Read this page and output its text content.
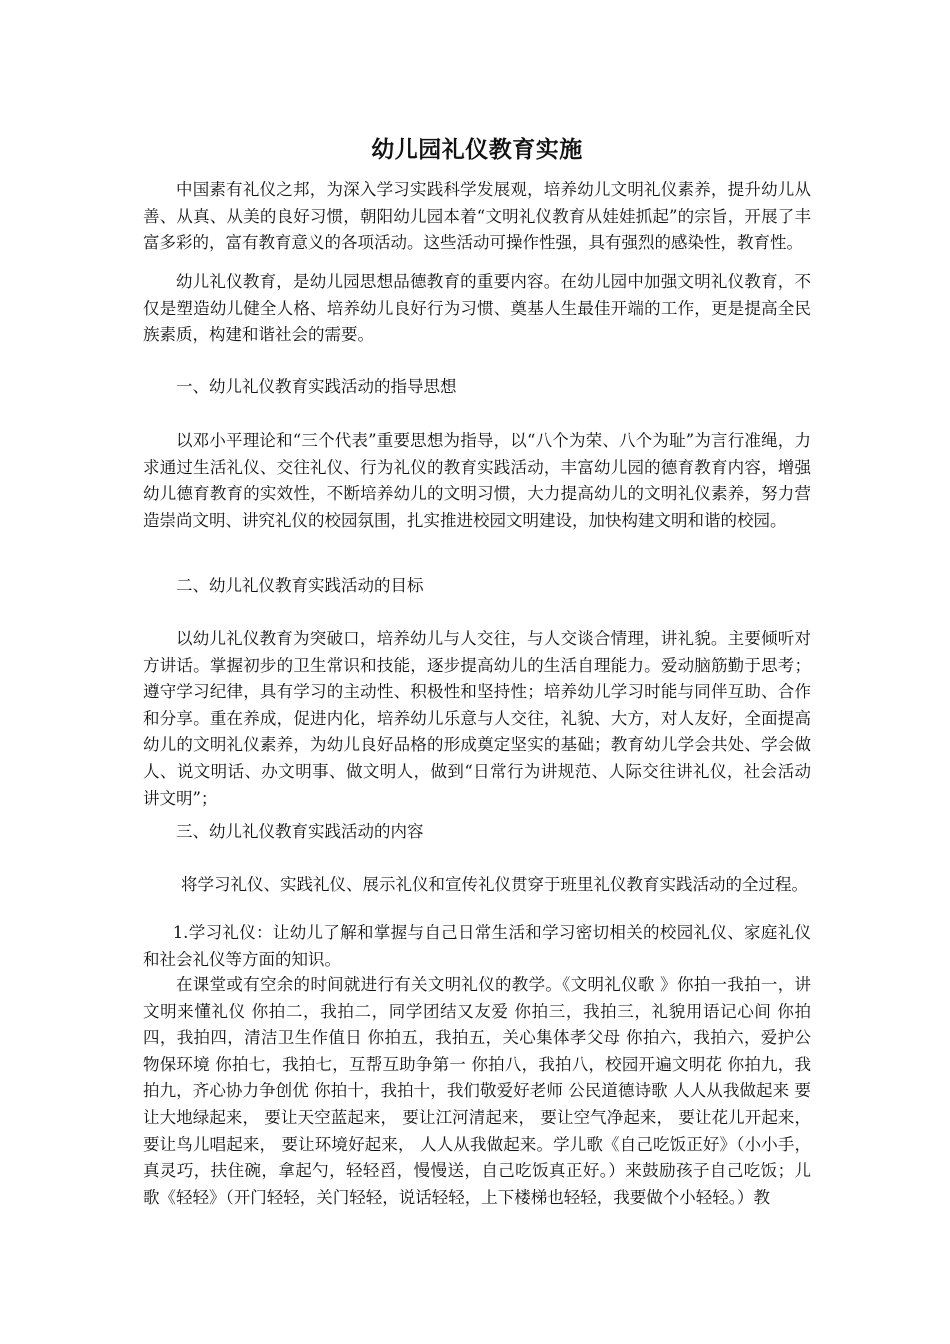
幼儿园礼仪教育实施

中国素有礼仪之邦，为深入学习实践科学发展观，培养幼儿文明礼仪素养，提升幼儿从善、从真、从美的良好习惯，朝阳幼儿园本着“文明礼仪教育从娃娃抓起”的宗旨，开展了丰富多彩的，富有教育意义的各项活动。这些活动可操作性强，具有强烈的感染性，教育性。

幼儿礼仪教育，是幼儿园思想品德教育的重要内容。在幼儿园中加强文明礼仪教育，不仅是塑造幼儿健全人格、培养幼儿良好行为习惯、奠基人生最佳开端的工作，更是提高全民族素质，构建和谐社会的需要。

一、幼儿礼仪教育实践活动的指导思想

以邓小平理论和“三个代表”重要思想为指导，以“八个为荣、八个为耻”为言行准绳，力求通过生活礼仪、交往礼仪、行为礼仪的教育实践活动，丰富幼儿园的德育教育内容，增强幼儿德育教育的实效性，不断培养幼儿的文明习惯，大力提高幼儿的文明礼仪素养，努力营造崇尚文明、讲究礼仪的校园氛围，扎实推进校园文明建设，加快构建文明和谐的校园。

二、幼儿礼仪教育实践活动的目标

以幼儿礼仪教育为突破口，培养幼儿与人交往，与人交谈合情理，讲礼貌。主要倾听对方讲话。掌握初步的卫生常识和技能，逐步提高幼儿的生活自理能力。爱动脑筋勤于思考；遵守学习纪律，具有学习的主动性、积极性和坚持性；培养幼儿学习时能与同伴互助、合作和分享。重在养成，促进内化，培养幼儿乐意与人交往，礼貌、大方，对人友好，全面提高幼儿的文明礼仪素养，为幼儿良好品格的形成奠定坚实的基础；教育幼儿学会共处、学会做人、说文明话、办文明事、做文明人，做到“日常行为讲规范、人际交往讲礼仪，社会活动讲文明”；

三、幼儿礼仪教育实践活动的内容

将学习礼仪、实践礼仪、展示礼仪和宣传礼仪贯穿于班里礼仪教育实践活动的全过程。

1.学习礼仪：让幼儿了解和掌握与自己日常生活和学习密切相关的校园礼仪、家庭礼仪和社会礼仪等方面的知识。

在课堂或有空余的时间就进行有关文明礼仪的教学。《文明礼仪歌 》你拍一我拍一，讲文明来懂礼仪 你拍二，我拍二，同学团结又友爱 你拍三，我拍三，礼貌用语记心间 你拍四，我拍四，清洁卫生作值日 你拍五，我拍五，关心集体孝父母 你拍六，我拍六，爱护公物保环境 你拍七，我拍七，互帮互助争第一 你拍八，我拍八，校园开遍文明花 你拍九，我拍九，齐心协力争创优 你拍十，我拍十，我们敬爱好老师 公民道德诗歌 人人从我做起来 要让大地绿起来， 要让天空蓝起来， 要让江河清起来， 要让空气净起来， 要让花儿开起来， 要让鸟儿唱起来， 要让环境好起来， 人人从我做起来。学儿歌《自己吃饭正好》（小小手，真灵巧，扶住碗，拿起勺，轻轻舀，慢慢送，自己吃饭真正好。）来鼓励孩子自己吃饭；儿歌《轻轻》（开门轻轻，关门轻轻，说话轻轻，上下楼梯也轻轻，我要做个小轻轻。）教
